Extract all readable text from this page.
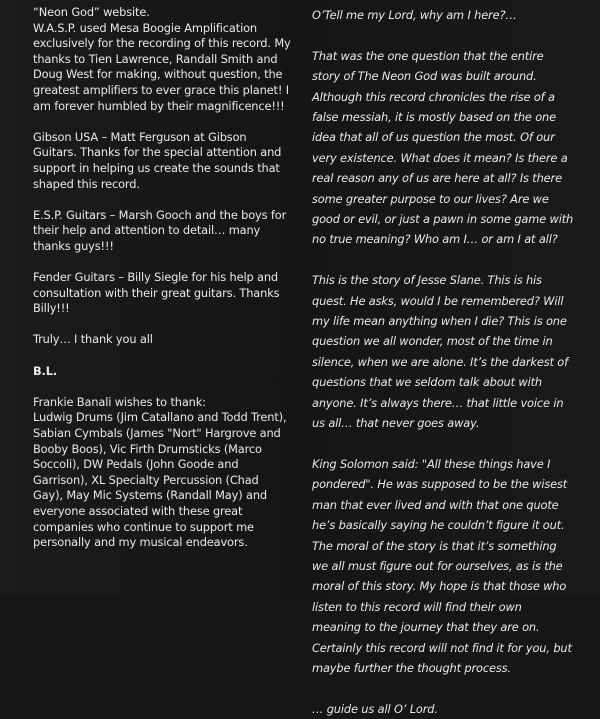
“Neon God” website.
W.A.S.P. used Mesa Boogie Amplification exclusively for the recording of this record. My thanks to Tien Lawrence, Randall Smith and Doug West for making, without question, the greatest amplifiers to ever grace this planet! I am forever humbled by their magnificence!!!

Gibson USA – Matt Ferguson at Gibson Guitars. Thanks for the special attention and support in helping us create the sounds that shaped this record.

E.S.P. Guitars – Marsh Gooch and the boys for their help and attention to detail… many thanks guys!!!

Fender Guitars – Billy Siegle for his help and consultation with their great guitars. Thanks Billy!!!

Truly… I thank you all

B.L.

Frankie Banali wishes to thank:
Ludwig Drums (Jim Catallano and Todd Trent), Sabian Cymbals (James "Nort" Hargrove and Booby Boos), Vic Firth Drumsticks (Marco Soccoli), DW Pedals (John Goode and Garrison), XL Specialty Percussion (Chad Gay), May Mic Systems (Randall May) and everyone associated with these great companies who continue to support me personally and my musical endeavors.

O’Tell me my Lord, why am I here?…

That was the one question that the entire story of The Neon God was built around. Although this record chronicles the rise of a false messiah, it is mostly based on the one idea that all of us question the most. Of our very existence. What does it mean? Is there a real reason any of us are here at all? Is there some greater purpose to our lives? Are we good or evil, or just a pawn in some game with no true meaning? Who am I… or am I at all?

This is the story of Jesse Slane. This is his quest. He asks, would I be remembered? Will my life mean anything when I die? This is one question we all wonder, most of the time in silence, when we are alone. It’s the darkest of questions that we seldom talk about with anyone. It’s always there… that little voice in us all… that never goes away.

King Solomon said: "All these things have I pondered". He was supposed to be the wisest man that ever lived and with that one quote he’s basically saying he couldn’t figure it out. The moral of the story is that it’s something we all must figure out for ourselves, as is the moral of this story. My hope is that those who listen to this record will find their own meaning to the journey that they are on. Certainly this record will not find it for you, but maybe further the thought process.

… guide us all O’ Lord.
